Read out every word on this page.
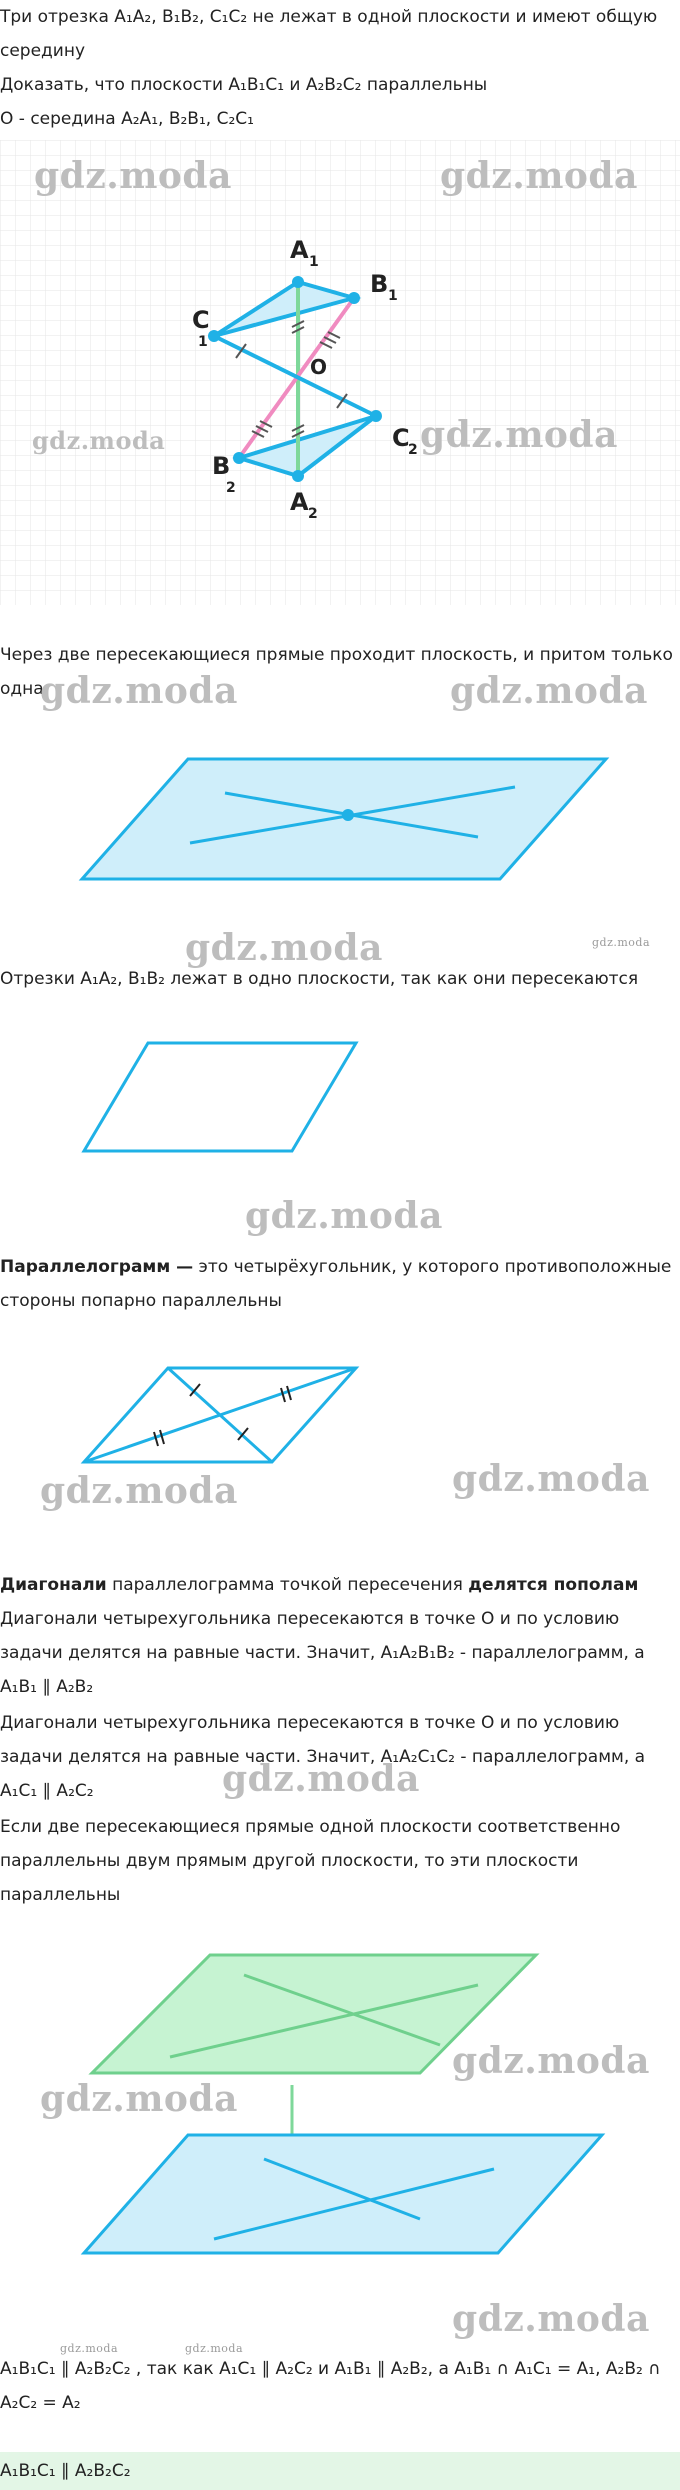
Три отрезка A₁A₂, B₁B₂, C₁C₂ не лежат в одной плоскости и имеют общую середину
Доказать, что плоскости A₁B₁C₁ и A₂B₂C₂ параллельны
O - середина A₂A₁, B₂B₁, C₂C₁
A 1
B 1
C
1
O
C
2
B
2 A 2
gdz.moda	gdz.moda
gdz.moda	gdz.moda
Через две пересекающиеся прямые проходит плоскость, и притом только одна
gdz.moda	gdz.moda
gdz.moda	gdz.moda
Отрезки A₁A₂, B₁B₂ лежат в одно плоскости, так как они пересекаются
gdz.moda
Параллелограмм — это четырёхугольник, у которого противоположные стороны попарно параллельны
gdz.moda	gdz.moda
Диагонали параллелограмма точкой пересечения делятся пополам
Диагонали четырехугольника пересекаются в точке O и по условию задачи делятся на равные части. Значит, A₁A₂B₁B₂ - параллелограмм, а A₁B₁ ∥ A₂B₂
Диагонали четырехугольника пересекаются в точке O и по условию задачи делятся на равные части. Значит, A₁A₂C₁C₂ - параллелограмм, а A₁C₁ ∥ A₂C₂	gdz.moda
Если две пересекающиеся прямые одной плоскости соответственно параллельны двум прямым другой плоскости, то эти плоскости параллельны
gdz.moda
gdz.moda
gdz.moda
gdz.moda	gdz.moda
A₁B₁C₁ ∥ A₂B₂C₂ , так как A₁C₁ ∥ A₂C₂ и A₁B₁ ∥ A₂B₂, а A₁B₁ ∩ A₁C₁ = A₁, A₂B₂ ∩ A₂C₂ = A₂
A₁B₁C₁ ∥ A₂B₂C₂
